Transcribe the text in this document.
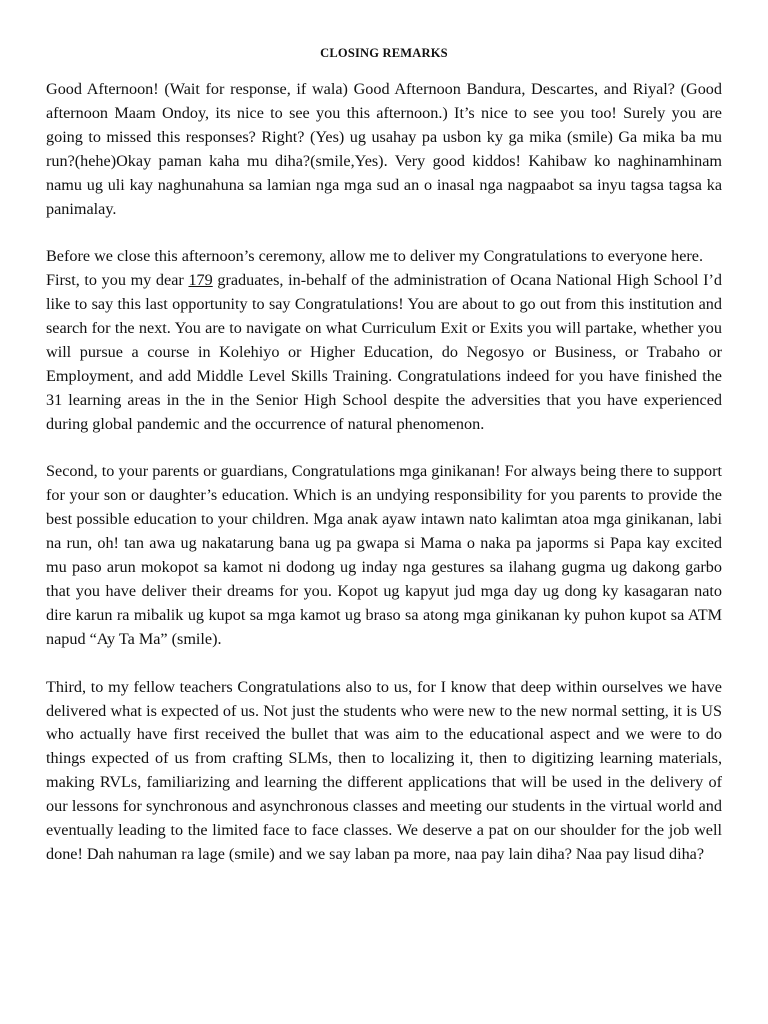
CLOSING REMARKS

Good Afternoon! (Wait for response, if wala) Good Afternoon Bandura, Descartes, and Riyal? (Good afternoon Maam Ondoy, its nice to see you this afternoon.) It’s nice to see you too! Surely you are going to missed this responses? Right? (Yes) ug usahay pa usbon ky ga mika (smile) Ga mika ba mu run?(hehe)Okay paman kaha mu diha?(smile,Yes). Very good kiddos! Kahibaw ko naghinamhinam namu ug uli kay naghunahuna sa lamian nga mga sud an o inasal nga nagpaabot sa inyu tagsa tagsa ka panimalay.

Before we close this afternoon’s ceremony, allow me to deliver my Congratulations to everyone here.

First, to you my dear 179 graduates, in-behalf of the administration of Ocana National High School I’d like to say this last opportunity to say Congratulations! You are about to go out from this institution and search for the next. You are to navigate on what Curriculum Exit or Exits you will partake, whether you will pursue a course in Kolehiyo or Higher Education, do Negosyo or Business, or Trabaho or Employment, and add Middle Level Skills Training. Congratulations indeed for you have finished the 31 learning areas in the in the Senior High School despite the adversities that you have experienced during global pandemic and the occurrence of natural phenomenon.

Second, to your parents or guardians, Congratulations mga ginikanan! For always being there to support for your son or daughter’s education. Which is an undying responsibility for you parents to provide the best possible education to your children. Mga anak ayaw intawn nato kalimtan atoa mga ginikanan, labi na run, oh! tan awa ug nakatarung bana ug pa gwapa si Mama o naka pa japorms si Papa kay excited mu paso arun mokopot sa kamot ni dodong ug inday nga gestures sa ilahang gugma ug dakong garbo that you have deliver their dreams for you. Kopot ug kapyut jud mga day ug dong ky kasagaran nato dire karun ra mibalik ug kupot sa mga kamot ug braso sa atong mga ginikanan ky puhon kupot sa ATM napud “Ay Ta Ma” (smile).

Third, to my fellow teachers Congratulations also to us, for I know that deep within ourselves we have delivered what is expected of us. Not just the students who were new to the new normal setting, it is US who actually have first received the bullet that was aim to the educational aspect and we were to do things expected of us from crafting SLMs, then to localizing it, then to digitizing learning materials, making RVLs, familiarizing and learning the different applications that will be used in the delivery of our lessons for synchronous and asynchronous classes and meeting our students in the virtual world and eventually leading to the limited face to face classes. We deserve a pat on our shoulder for the job well done! Dah nahuman ra lage (smile) and we say laban pa more, naa pay lain diha? Naa pay lisud diha?
